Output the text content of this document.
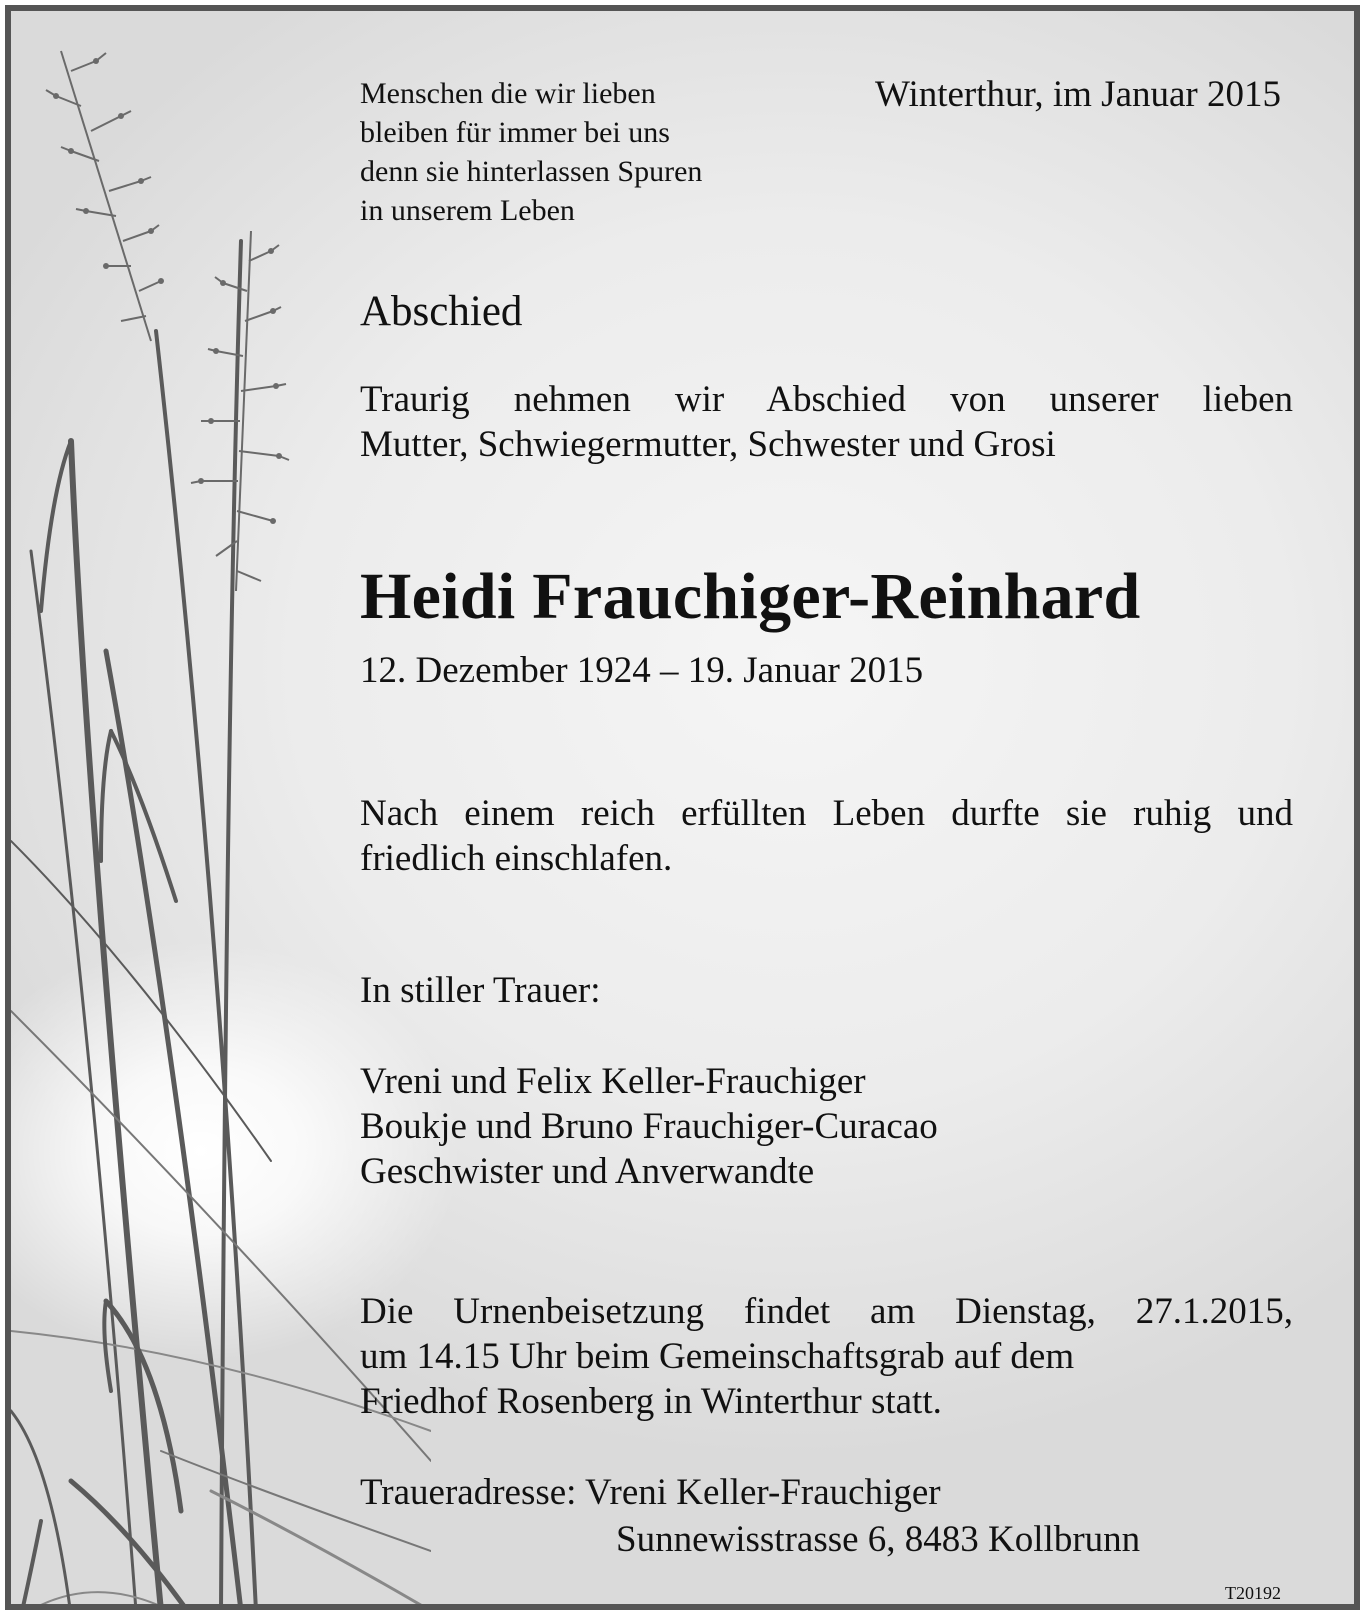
Menschen die wir lieben
bleiben für immer bei uns
denn sie hinterlassen Spuren
in unserem Leben
Winterthur, im Januar 2015
Abschied
Traurig nehmen wir Abschied von unserer lieben
Mutter, Schwiegermutter, Schwester und Grosi
Heidi Frauchiger-Reinhard
12. Dezember 1924 – 19. Januar 2015
Nach einem reich erfüllten Leben durfte sie ruhig und
friedlich einschlafen.
In stiller Trauer:
Vreni und Felix Keller-Frauchiger
Boukje und Bruno Frauchiger-Curacao
Geschwister und Anverwandte
Die Urnenbeisetzung findet am Dienstag, 27.1.2015,
um 14.15 Uhr beim Gemeinschaftsgrab auf dem
Friedhof Rosenberg in Winterthur statt.
Traueradresse: Vreni Keller-Frauchiger
Sunnewisstrasse 6, 8483 Kollbrunn
T20192
